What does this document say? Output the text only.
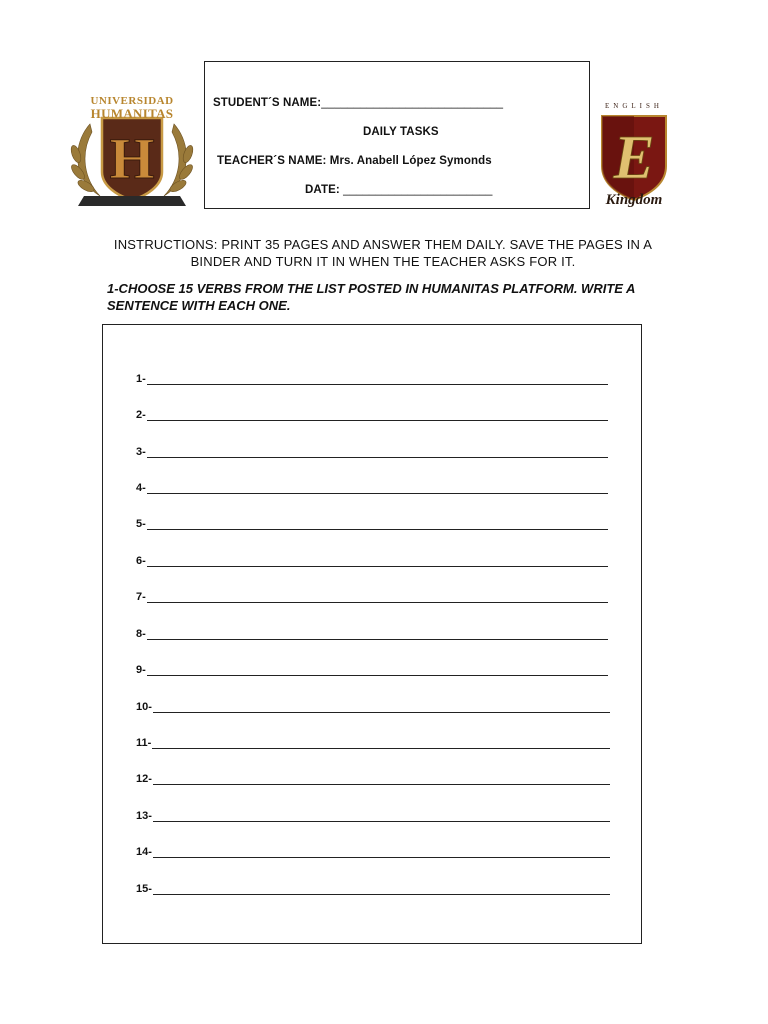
H
UNIVERSIDAD
HUMANITAS
E
ENGLISH
Kingdom
STUDENT´S NAME:____________________________
DAILY TASKS
TEACHER´S NAME: Mrs. Anabell López Symonds
DATE: _______________________
INSTRUCTIONS: PRINT 35 PAGES AND ANSWER THEM DAILY. SAVE THE PAGES IN A BINDER AND TURN IT IN WHEN THE TEACHER ASKS FOR IT.
1-CHOOSE 15 VERBS FROM THE LIST POSTED IN HUMANITAS PLATFORM. WRITE A SENTENCE WITH EACH ONE.
1-
2-
3-
4-
5-
6-
7-
8-
9-
10-
11-
12-
13-
14-
15-
